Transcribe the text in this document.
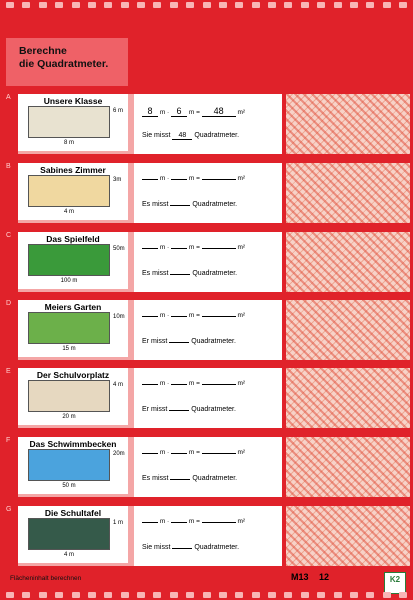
Berechne
die Quadratmeter.
A	Unsere Klasse
6 m
8 m
8 m · 6 m = 48 m²
Sie misst 48 Quadratmeter.
B	Sabines Zimmer
3m
4 m
m ·	m =	m²
Es misst	Quadratmeter.
C	Das Spielfeld
50m
100 m
m ·	m =	m²
Es misst	Quadratmeter.
D	Meiers Garten
10m
15 m
m ·	m =	m²
Er misst	Quadratmeter.
E	Der Schulvorplatz
4 m
20 m
m ·	m =	m²
Er misst	Quadratmeter.
F	Das Schwimmbecken
20m
50 m
m ·	m =	m²
Es misst	Quadratmeter.
G	Die Schultafel
1 m
4 m
m ·	m =	m²
Sie misst	Quadratmeter.
Flächeninhalt berechnen	M13 12	K2
